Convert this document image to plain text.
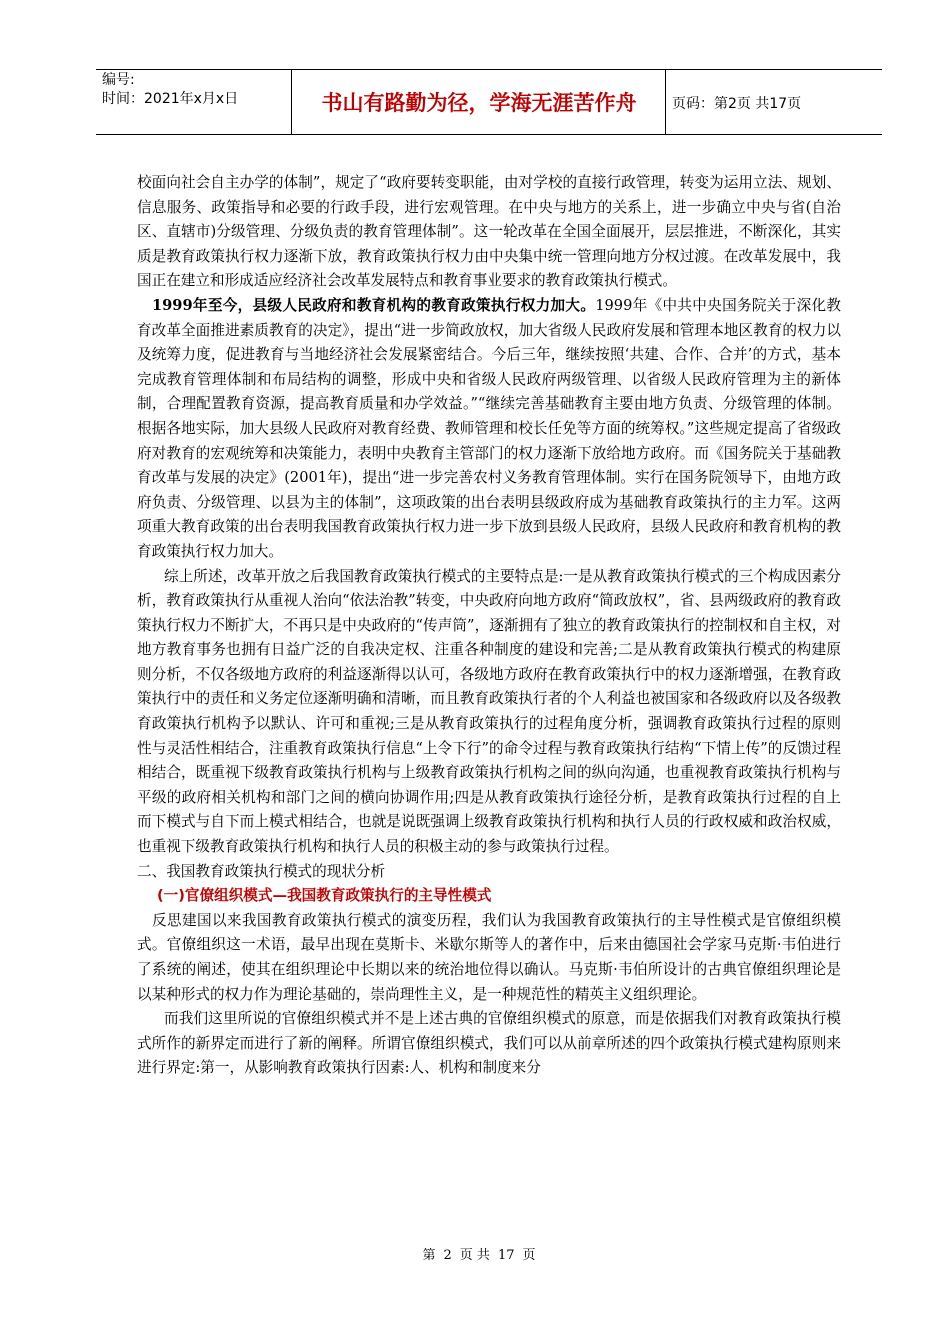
编号:
时间：2021年x月x日	书山有路勤为径，学海无涯苦作舟	页码：第2页 共17页

校面向社会自主办学的体制”，规定了“政府要转变职能，由对学校的直接行政管理，转变为运用立法、规划、信息服务、政策指导和必要的行政手段，进行宏观管理。在中央与地方的关系上，进一步确立中央与省(自治区、直辖市)分级管理、分级负责的教育管理体制”。这一轮改革在全国全面展开，层层推进，不断深化，其实质是教育政策执行权力逐渐下放，教育政策执行权力由中央集中统一管理向地方分权过渡。在改革发展中，我国正在建立和形成适应经济社会改革发展特点和教育事业要求的教育政策执行模式。

1999年至今，县级人民政府和教育机构的教育政策执行权力加大。1999年《中共中央国务院关于深化教育改革全面推进素质教育的决定》，提出“进一步简政放权，加大省级人民政府发展和管理本地区教育的权力以及统筹力度，促进教育与当地经济社会发展紧密结合。今后三年，继续按照‘共建、合作、合并’的方式，基本完成教育管理体制和布局结构的调整，形成中央和省级人民政府两级管理、以省级人民政府管理为主的新体制，合理配置教育资源，提高教育质量和办学效益。”“继续完善基础教育主要由地方负责、分级管理的体制。根据各地实际，加大县级人民政府对教育经费、教师管理和校长任免等方面的统筹权。”这些规定提高了省级政府对教育的宏观统筹和决策能力，表明中央教育主管部门的权力逐渐下放给地方政府。而《国务院关于基础教育改革与发展的决定》(2001年)，提出“进一步完善农村义务教育管理体制。实行在国务院领导下，由地方政府负责、分级管理、以县为主的体制”，这项政策的出台表明县级政府成为基础教育政策执行的主力军。这两项重大教育政策的出台表明我国教育政策执行权力进一步下放到县级人民政府，县级人民政府和教育机构的教育政策执行权力加大。

综上所述，改革开放之后我国教育政策执行模式的主要特点是:一是从教育政策执行模式的三个构成因素分析，教育政策执行从重视人治向“依法治教”转变，中央政府向地方政府“简政放权”，省、县两级政府的教育政策执行权力不断扩大，不再只是中央政府的“传声筒”，逐渐拥有了独立的教育政策执行的控制权和自主权，对地方教育事务也拥有日益广泛的自我决定权、注重各种制度的建设和完善;二是从教育政策执行模式的构建原则分析，不仅各级地方政府的利益逐渐得以认可，各级地方政府在教育政策执行中的权力逐渐增强，在教育政策执行中的责任和义务定位逐渐明确和清晰，而且教育政策执行者的个人利益也被国家和各级政府以及各级教育政策执行机构予以默认、许可和重视;三是从教育政策执行的过程角度分析，强调教育政策执行过程的原则性与灵活性相结合，注重教育政策执行信息“上令下行”的命令过程与教育政策执行结构“下情上传”的反馈过程相结合，既重视下级教育政策执行机构与上级教育政策执行机构之间的纵向沟通，也重视教育政策执行机构与平级的政府相关机构和部门之间的横向协调作用;四是从教育政策执行途径分析，是教育政策执行过程的自上而下模式与自下而上模式相结合，也就是说既强调上级教育政策执行机构和执行人员的行政权威和政治权威，也重视下级教育政策执行机构和执行人员的积极主动的参与政策执行过程。

二、我国教育政策执行模式的现状分析

(一)官僚组织模式—我国教育政策执行的主导性模式

反思建国以来我国教育政策执行模式的演变历程，我们认为我国教育政策执行的主导性模式是官僚组织模式。官僚组织这一术语，最早出现在莫斯卡、米歇尔斯等人的著作中，后来由德国社会学家马克斯·韦伯进行了系统的阐述，使其在组织理论中长期以来的统治地位得以确认。马克斯·韦伯所设计的古典官僚组织理论是以某种形式的权力作为理论基础的，崇尚理性主义，是一种规范性的精英主义组织理论。

而我们这里所说的官僚组织模式并不是上述古典的官僚组织模式的原意，而是依据我们对教育政策执行模式所作的新界定而进行了新的阐释。所谓官僚组织模式，我们可以从前章所述的四个政策执行模式建构原则来进行界定:第一，从影响教育政策执行因素:人、机构和制度来分

第 2 页 共 17 页
